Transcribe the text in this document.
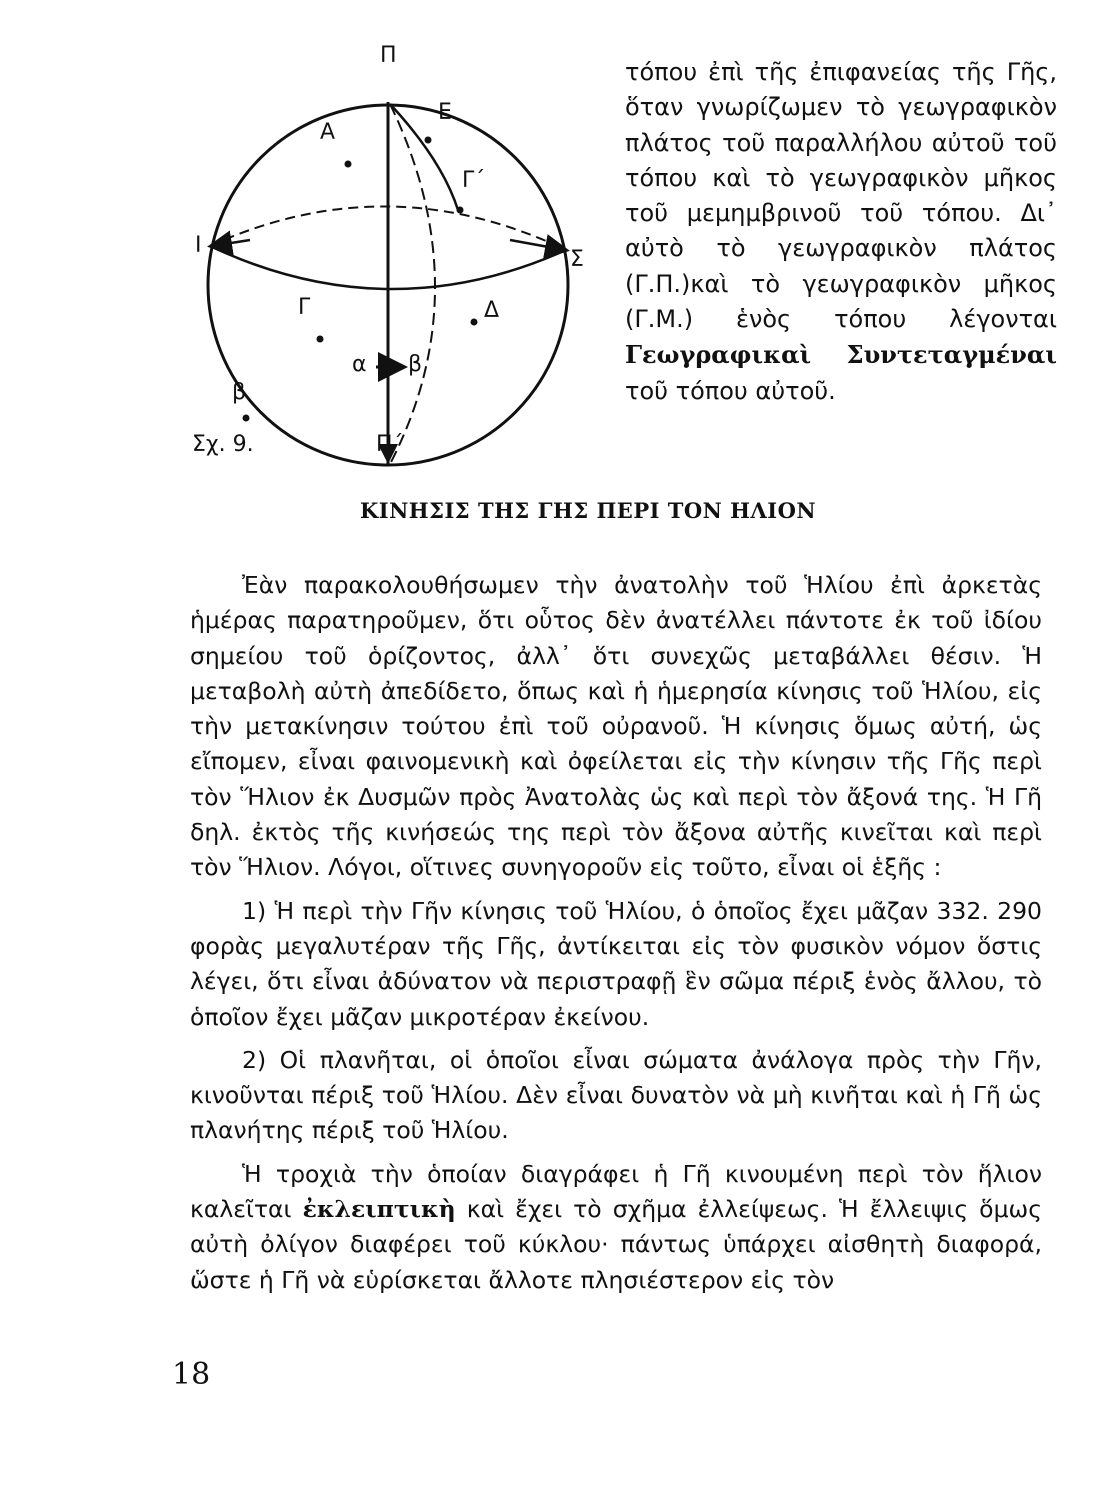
Π
Α
Ε
Γ΄
Ι
Σ
Γ	Δ
α β
β
Π΄
Σχ. 9.

τόπου ἐπὶ τῆς ἐπιφανείας τῆς Γῆς, ὅταν γνωρίζωμεν τὸ γεωγραφικὸν πλάτος τοῦ παραλλήλου αὐτοῦ τοῦ τόπου καὶ τὸ γεωγραφικὸν μῆκος τοῦ μεμημβρινοῦ τοῦ τόπου. Δι᾽ αὐτὸ τὸ γεωγραφικὸν πλάτος (Γ.Π.)καὶ τὸ γεωγραφικὸν μῆκος (Γ.Μ.) ἑνὸς τόπου λέγονται Γεωγραφικαὶ Συντεταγμέναι τοῦ τόπου αὐτοῦ.

ΚΙΝΗΣΙΣ ΤΗΣ ΓΗΣ ΠΕΡΙ ΤΟΝ ΗΛΙΟΝ

Ἐὰν παρακολουθήσωμεν τὴν ἀνατολὴν τοῦ Ἡλίου ἐπὶ ἀρκετὰς ἡμέρας παρατηροῦμεν, ὅτι οὗτος δὲν ἀνατέλλει πάντοτε ἐκ τοῦ ἰδίου σημείου τοῦ ὁρίζοντος, ἀλλ᾽ ὅτι συνεχῶς μεταβάλλει θέσιν. Ἡ μεταβολὴ αὐτὴ ἀπεδίδετο, ὅπως καὶ ἡ ἡμερησία κίνησις τοῦ Ἡλίου, εἰς τὴν μετακίνησιν τούτου ἐπὶ τοῦ οὐρανοῦ. Ἡ κίνησις ὅμως αὐτή, ὡς εἴπομεν, εἶναι φαινομενικὴ καὶ ὀφείλεται εἰς τὴν κίνησιν τῆς Γῆς περὶ τὸν Ἥλιον ἐκ Δυσμῶν πρὸς Ἀνατολὰς ὡς καὶ περὶ τὸν ἄξονά της. Ἡ Γῆ δηλ. ἐκτὸς τῆς κινήσεώς της περὶ τὸν ἄξονα αὐτῆς κινεῖται καὶ περὶ τὸν Ἥλιον. Λόγοι, οἵτινες συνηγοροῦν εἰς τοῦτο, εἶναι οἱ ἑξῆς :

1) Ἡ περὶ τὴν Γῆν κίνησις τοῦ Ἡλίου, ὁ ὁποῖος ἔχει μᾶζαν 332. 290 φορὰς μεγαλυτέραν τῆς Γῆς, ἀντίκειται εἰς τὸν φυσικὸν νόμον ὅστις λέγει, ὅτι εἶναι ἀδύνατον νὰ περιστραφῇ ἓν σῶμα πέριξ ἑνὸς ἄλλου, τὸ ὁποῖον ἔχει μᾶζαν μικροτέραν ἐκείνου.

2) Οἱ πλανῆται, οἱ ὁποῖοι εἶναι σώματα ἀνάλογα πρὸς τὴν Γῆν, κινοῦνται πέριξ τοῦ Ἡλίου. Δὲν εἶναι δυνατὸν νὰ μὴ κινῆται καὶ ἡ Γῆ ὡς πλανήτης πέριξ τοῦ Ἡλίου.

Ἡ τροχιὰ τὴν ὁποίαν διαγράφει ἡ Γῆ κινουμένη περὶ τὸν ἥλιον καλεῖται ἐκλειπτικὴ καὶ ἔχει τὸ σχῆμα ἐλλείψεως. Ἡ ἔλλειψις ὅμως αὐτὴ ὀλίγον διαφέρει τοῦ κύκλου· πάντως ὑπάρχει αἰσθητὴ διαφορά, ὥστε ἡ Γῆ νὰ εὑρίσκεται ἄλλοτε πλησιέστερον εἰς τὸν

18
